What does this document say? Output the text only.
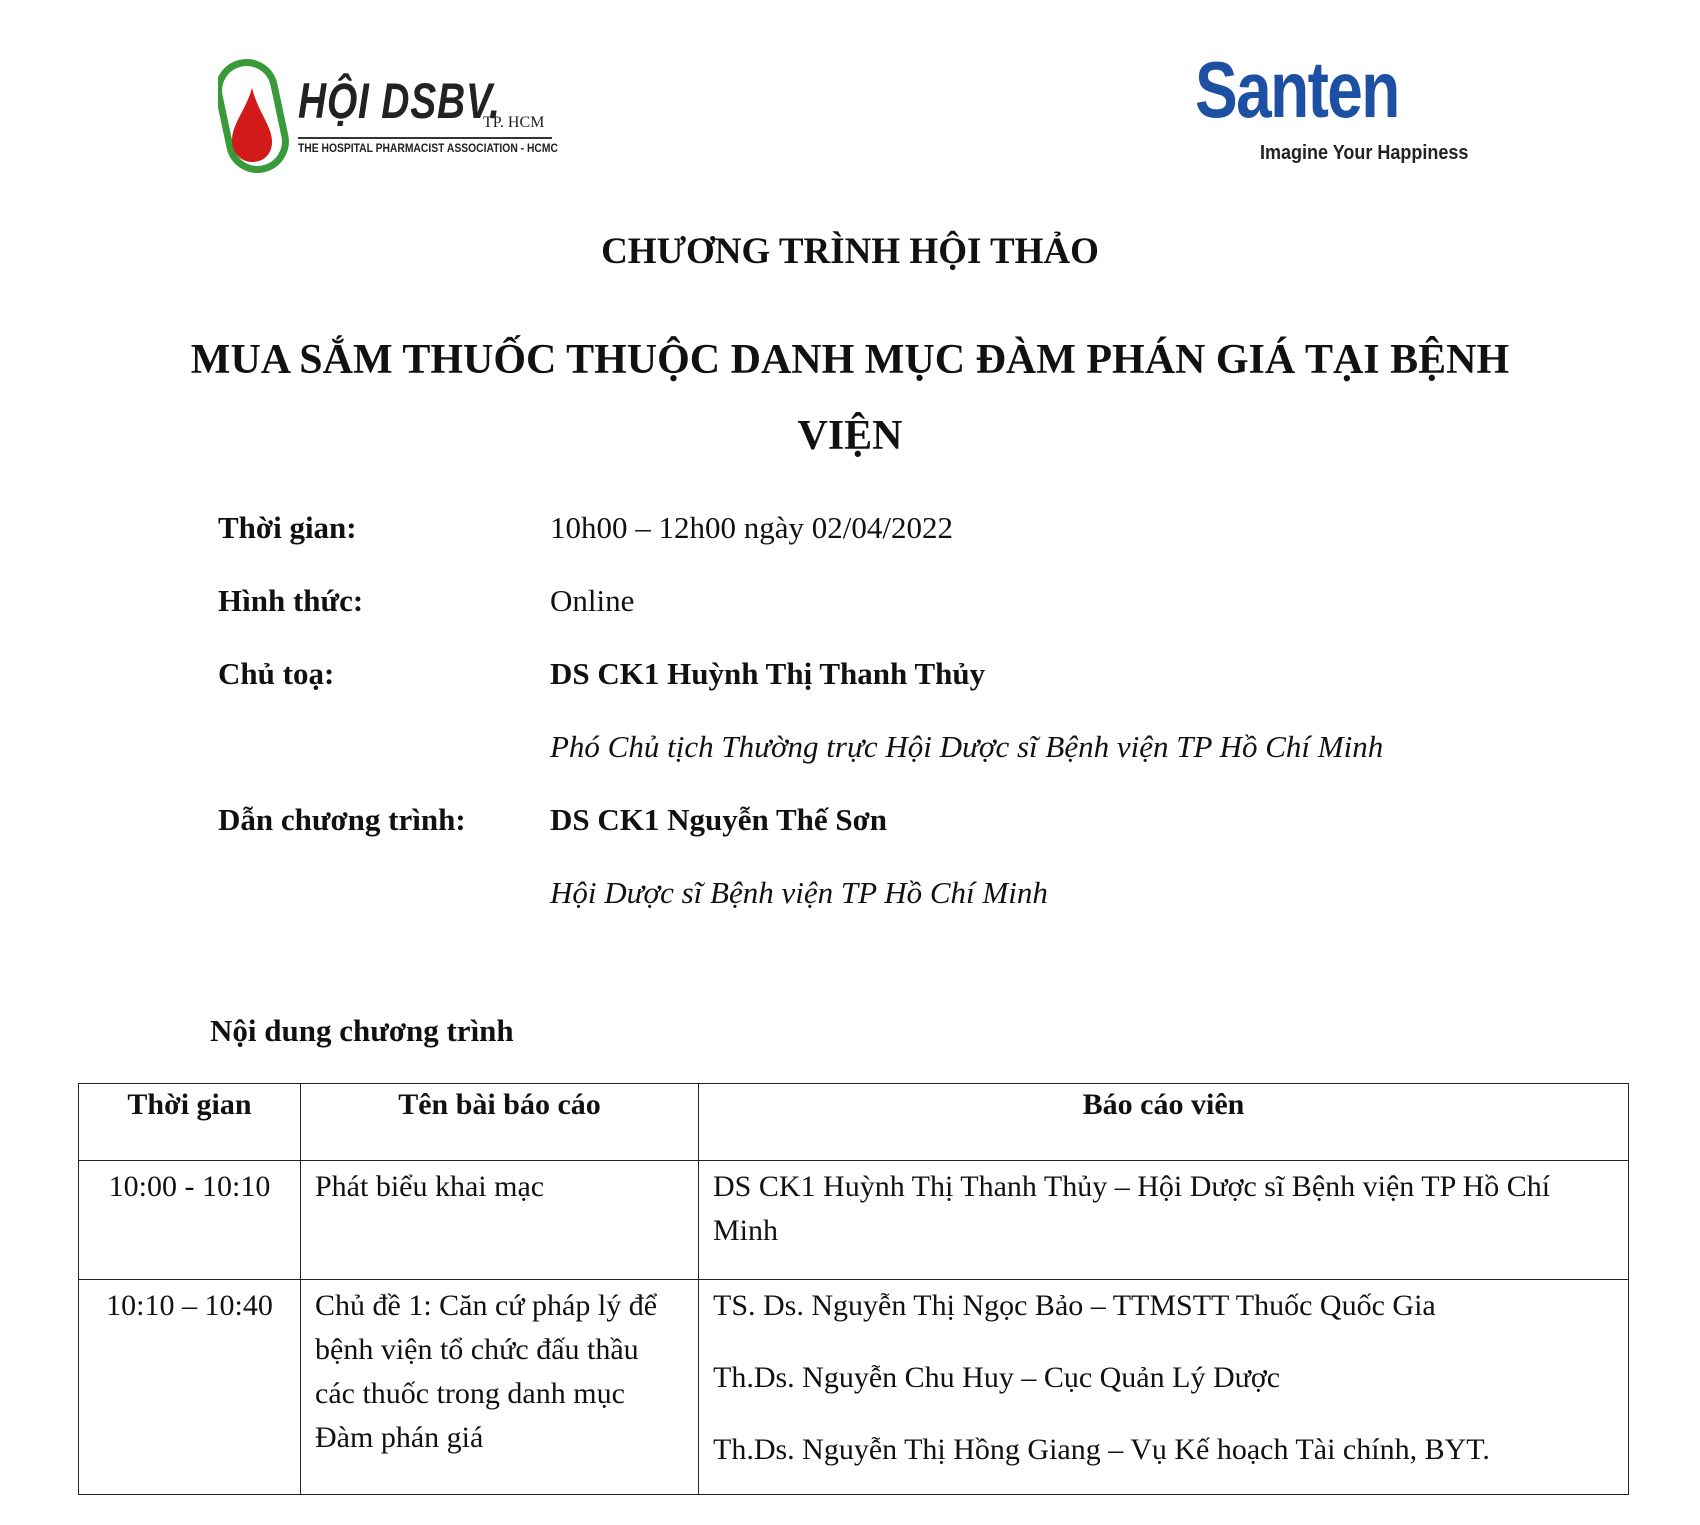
HỘI DSBV.
TP. HCM
THE HOSPITAL PHARMACIST ASSOCIATION - HCMC
Santen
Imagine Your Happiness
CHƯƠNG TRÌNH HỘI THẢO
MUA SẮM THUỐC THUỘC DANH MỤC ĐÀM PHÁN GIÁ TẠI BỆNH VIỆN
Thời gian:	10h00 – 12h00 ngày 02/04/2022
Hình thức:	Online
Chủ toạ:	DS CK1 Huỳnh Thị Thanh Thủy
Phó Chủ tịch Thường trực Hội Dược sĩ Bệnh viện TP Hồ Chí Minh
Dẫn chương trình:	DS CK1 Nguyễn Thế Sơn
Hội Dược sĩ Bệnh viện TP Hồ Chí Minh
Nội dung chương trình
Thời gian	Tên bài báo cáo	Báo cáo viên
10:00 - 10:10	Phát biểu khai mạc	DS CK1 Huỳnh Thị Thanh Thủy – Hội Dược sĩ Bệnh viện TP Hồ Chí Minh

10:10 – 10:40	Chủ đề 1: Căn cứ pháp lý để bệnh viện tổ chức đấu thầu các thuốc trong danh mục Đàm phán giá	TS. Ds. Nguyễn Thị Ngọc Bảo – TTMSTT Thuốc Quốc Gia
Th.Ds. Nguyễn Chu Huy – Cục Quản Lý Dược
Th.Ds. Nguyễn Thị Hồng Giang – Vụ Kế hoạch Tài chính, BYT.
